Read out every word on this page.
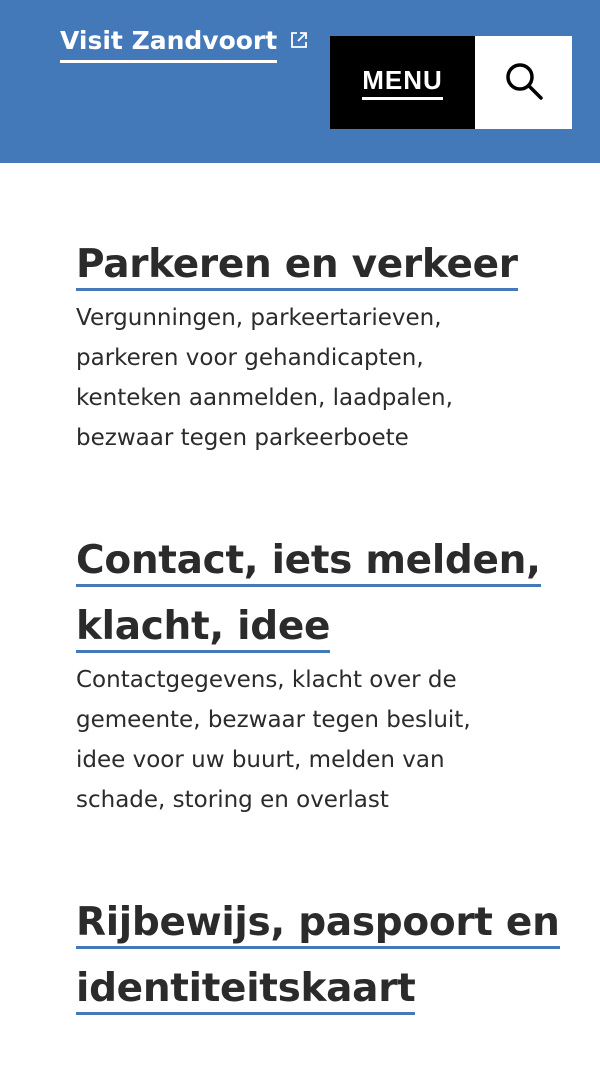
Visit Zandvoort
MENU
Parkeren en verkeer

Vergunningen, parkeertarieven, parkeren voor gehandicapten, kenteken aanmelden, laadpalen, bezwaar tegen parkeerboete

Contact, iets melden, klacht, idee

Contactgegevens, klacht over de gemeente, bezwaar tegen besluit, idee voor uw buurt, melden van schade, storing en overlast

Rijbewijs, paspoort en identiteitskaart
